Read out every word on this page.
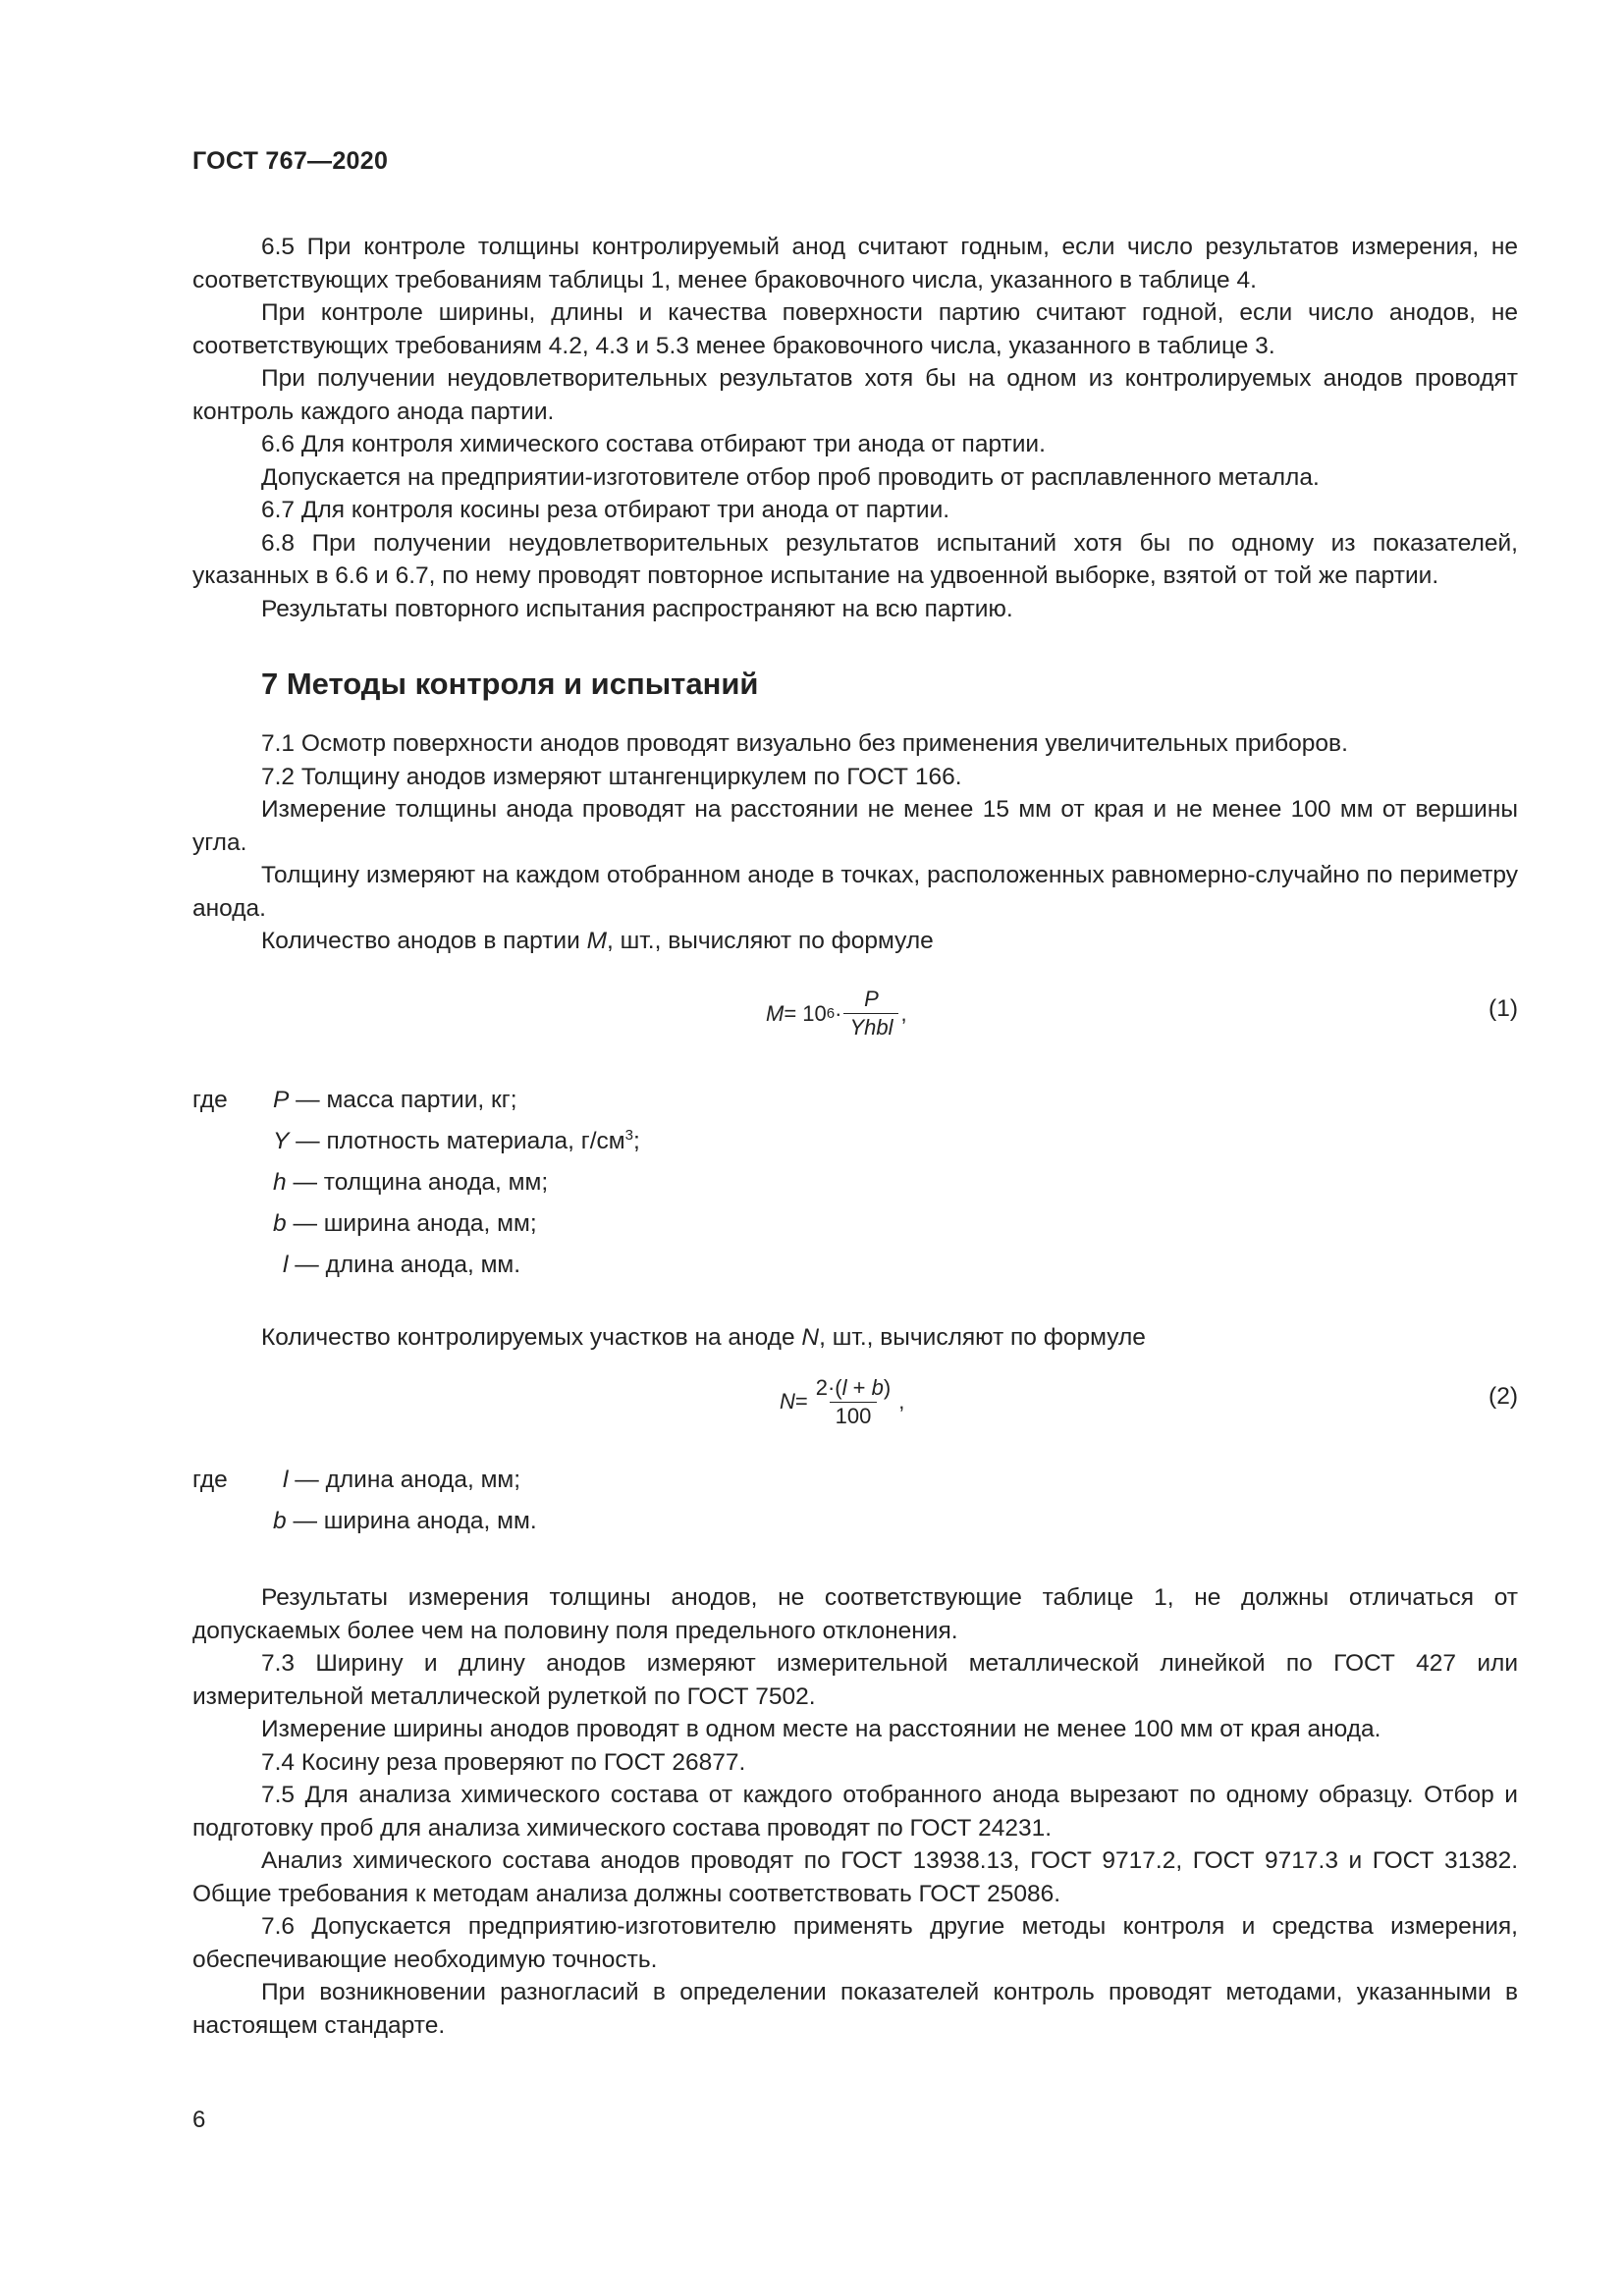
ГОСТ 767—2020

6.5 При контроле толщины контролируемый анод считают годным, если число результатов измерения, не соответствующих требованиям таблицы 1, менее браковочного числа, указанного в таблице 4.

При контроле ширины, длины и качества поверхности партию считают годной, если число анодов, не соответствующих требованиям 4.2, 4.3 и 5.3 менее браковочного числа, указанного в таблице 3.

При получении неудовлетворительных результатов хотя бы на одном из контролируемых анодов проводят контроль каждого анода партии.

6.6 Для контроля химического состава отбирают три анода от партии.

Допускается на предприятии-изготовителе отбор проб проводить от расплавленного металла.

6.7 Для контроля косины реза отбирают три анода от партии.

6.8 При получении неудовлетворительных результатов испытаний хотя бы по одному из показателей, указанных в 6.6 и 6.7, по нему проводят повторное испытание на удвоенной выборке, взятой от той же партии.

Результаты повторного испытания распространяют на всю партию.

7 Методы контроля и испытаний

7.1 Осмотр поверхности анодов проводят визуально без применения увеличительных приборов.

7.2 Толщину анодов измеряют штангенциркулем по ГОСТ 166.

Измерение толщины анода проводят на расстоянии не менее 15 мм от края и не менее 100 мм от вершины угла.

Толщину измеряют на каждом отобранном аноде в точках, расположенных равномерно-случайно по периметру анода.

Количество анодов в партии M, шт., вычисляют по формуле

M = 10 $6 \cdot \frac{P}{\text{Yhbl}}$ ,	(1)
где P — масса партии, кг;
Y — плотность материала, $г/см^3$;
h — толщина анода, мм;
b — ширина анода, мм;
l — длина анода, мм.

Количество контролируемых участков на аноде N, шт., вычисляют по формуле

$N = \frac{2\cdot(l + b)}{100}$ ,	(2)
где l — длина анода, мм;
b — ширина анода, мм.

Результаты измерения толщины анодов, не соответствующие таблице 1, не должны отличаться от допускаемых более чем на половину поля предельного отклонения.

7.3 Ширину и длину анодов измеряют измерительной металлической линейкой по ГОСТ 427 или измерительной металлической рулеткой по ГОСТ 7502.

Измерение ширины анодов проводят в одном месте на расстоянии не менее 100 мм от края анода.

7.4 Косину реза проверяют по ГОСТ 26877.

7.5 Для анализа химического состава от каждого отобранного анода вырезают по одному образцу. Отбор и подготовку проб для анализа химического состава проводят по ГОСТ 24231.

Анализ химического состава анодов проводят по ГОСТ 13938.13, ГОСТ 9717.2, ГОСТ 9717.3 и ГОСТ 31382. Общие требования к методам анализа должны соответствовать ГОСТ 25086.

7.6 Допускается предприятию-изготовителю применять другие методы контроля и средства измерения, обеспечивающие необходимую точность.

При возникновении разногласий в определении показателей контроль проводят методами, указанными в настоящем стандарте.

6
